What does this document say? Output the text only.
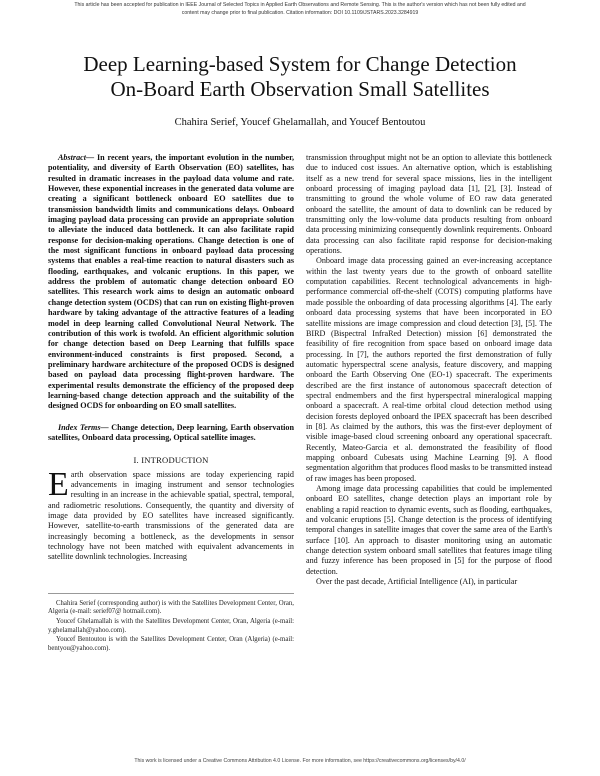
This article has been accepted for publication in IEEE Journal of Selected Topics in Applied Earth Observations and Remote Sensing. This is the author's version which has not been fully edited and
content may change prior to final publication. Citation information: DOI 10.1109/JSTARS.2023.3284919
Deep Learning-based System for Change Detection
On-Board Earth Observation Small Satellites
Chahira Serief, Youcef Ghelamallah, and Youcef Bentoutou

Abstract— In recent years, the important evolution in the number, potentiality, and diversity of Earth Observation (EO) satellites, has resulted in dramatic increases in the payload data volume and rate. However, these exponential increases in the generated data volume are creating a significant bottleneck onboard EO satellites due to transmission bandwidth limits and communications delays. Onboard imaging payload data processing can provide an appropriate solution to alleviate the induced data bottleneck. It can also facilitate rapid response for decision-making operations. Change detection is one of the most significant functions in onboard payload data processing systems that enables a real-time reaction to natural disasters such as flooding, earthquakes, and volcanic eruptions. In this paper, we address the problem of automatic change detection onboard EO satellites. This research work aims to design an automatic onboard change detection system (OCDS) that can run on existing flight-proven hardware by taking advantage of the attractive features of a leading model in deep learning called Convolutional Neural Network. The contribution of this work is twofold. An efficient algorithmic solution for change detection based on Deep Learning that fulfills space environment-induced constraints is first proposed. Second, a preliminary hardware architecture of the proposed OCDS is designed based on payload data processing flight-proven hardware. The experimental results demonstrate the efficiency of the proposed deep learning-based change detection approach and the suitability of the designed OCDS for onboarding on EO small satellites.

Index Terms— Change detection, Deep learning, Earth observation satellites, Onboard data processing, Optical satellite images.

I. INTRODUCTION

Earth observation space missions are today experiencing rapid advancements in imaging instrument and sensor technologies resulting in an increase in the achievable spatial, spectral, temporal, and radiometric resolutions. Consequently, the quantity and diversity of image data provided by EO satellites have increased significantly. However, satellite-to-earth transmissions of the generated data are increasingly becoming a bottleneck, as the developments in sensor technology have not been matched with equivalent advancements in satellite downlink technologies. Increasing

Chahira Serief (corresponding author) is with the Satellites Development Center, Oran, Algeria (e-mail: serief07@ hotmail.com).

Youcef Ghelamallah is with the Satellites Development Center, Oran, Algeria (e-mail: y.ghelamallah@yahoo.com).

Youcef Bentoutou is with the Satellites Development Center, Oran (Algeria) (e-mail: bentyou@yahoo.com).

transmission throughput might not be an option to alleviate this bottleneck due to induced cost issues. An alternative option, which is establishing itself as a new trend for several space missions, lies in the intelligent onboard processing of imaging payload data [1], [2], [3]. Instead of transmitting to ground the whole volume of EO raw data generated onboard the satellite, the amount of data to downlink can be reduced by transmitting only the low-volume data products resulting from onboard data processing minimizing consequently downlink requirements. Onboard data processing can also facilitate rapid response for decision-making operations.

Onboard image data processing gained an ever-increasing acceptance within the last twenty years due to the growth of onboard satellite computation capabilities. Recent technological advancements in high-performance commercial off-the-shelf (COTS) computing platforms have made possible the onboarding of data processing algorithms [4]. The early onboard data processing systems that have been incorporated in EO satellite missions are image compression and cloud detection [3], [5]. The BIRD (Bispectral InfraRed Detection) mission [6] demonstrated the feasibility of fire recognition from space based on onboard image data processing. In [7], the authors reported the first demonstration of fully automatic hyperspectral scene analysis, feature discovery, and mapping onboard the Earth Observing One (EO-1) spacecraft. The experiments described are the first instance of autonomous spacecraft detection of spectral endmembers and the first hyperspectral mineralogical mapping onboard a spacecraft. A real-time orbital cloud detection method using decision forests deployed onboard the IPEX spacecraft has been described in [8]. As claimed by the authors, this was the first-ever deployment of visible image-based cloud screening onboard any operational spacecraft. Recently, Mateo-Garcia et al. demonstrated the feasibility of flood mapping onboard Cubesats using Machine Learning [9]. A flood segmentation algorithm that produces flood masks to be transmitted instead of raw images has been proposed.

Among image data processing capabilities that could be implemented onboard EO satellites, change detection plays an important role by enabling a rapid reaction to dynamic events, such as flooding, earthquakes, and volcanic eruptions [5]. Change detection is the process of identifying temporal changes in satellite images that cover the same area of the Earth's surface [10]. An approach to disaster monitoring using an automatic change detection system onboard small satellites that features image tiling and fuzzy inference has been proposed in [5] for the purpose of flood detection.

Over the past decade, Artificial Intelligence (AI), in particular

This work is licensed under a Creative Commons Attribution 4.0 License. For more information, see https://creativecommons.org/licenses/by/4.0/
